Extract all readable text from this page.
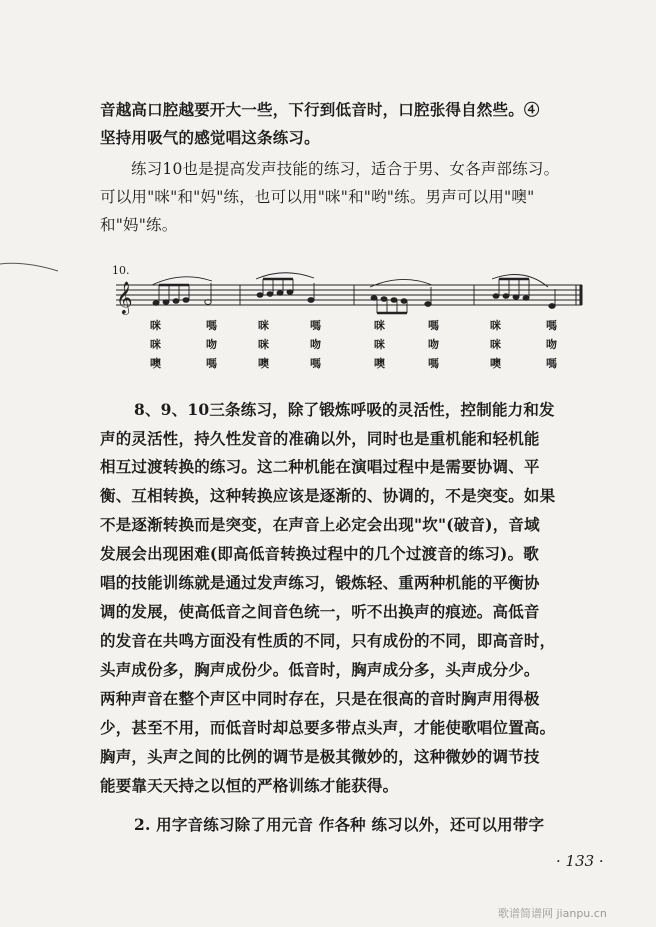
音越高口腔越要开大一些，下行到低音时，口腔张得自然些。④
坚持用吸气的感觉唱这条练习。
练习10也是提高发声技能的练习，适合于男、女各声部练习。
可以用"咪"和"妈"练，也可以用"咪"和"哟"练。男声可以用"噢"
和"妈"练。
10.
𝄞
咪	嗎	咪	嗎	咪	嗎	咪	嗎
咪	吻	咪	吻	咪	吻	咪	吻
噢	嗎	噢	嗎	噢	嗎	噢	嗎
8、9、10三条练习，除了锻炼呼吸的灵活性，控制能力和发
声的灵活性，持久性发音的准确以外，同时也是重机能和轻机能
相互过渡转换的练习。这二种机能在演唱过程中是需要协调、平
衡、互相转换，这种转换应该是逐渐的、协调的，不是突变。如果
不是逐渐转换而是突变，在声音上必定会出现"坎"(破音)，音域
发展会出现困难(即高低音转换过程中的几个过渡音的练习)。歌
唱的技能训练就是通过发声练习，锻炼轻、重两种机能的平衡协
调的发展，使高低音之间音色统一，听不出换声的痕迹。高低音
的发音在共鸣方面没有性质的不同，只有成份的不同，即高音时，
头声成份多，胸声成份少。低音时，胸声成分多，头声成分少。
两种声音在整个声区中同时存在，只是在很高的音时胸声用得极
少，甚至不用，而低音时却总要多带点头声，才能使歌唱位置高。
胸声，头声之间的比例的调节是极其微妙的，这种微妙的调节技
能要靠天天持之以恒的严格训练才能获得。
2. 用字音练习除了用元音 作各种 练习以外，还可以用带字
· 133 ·
歌谱简谱网 jianpu.cn
